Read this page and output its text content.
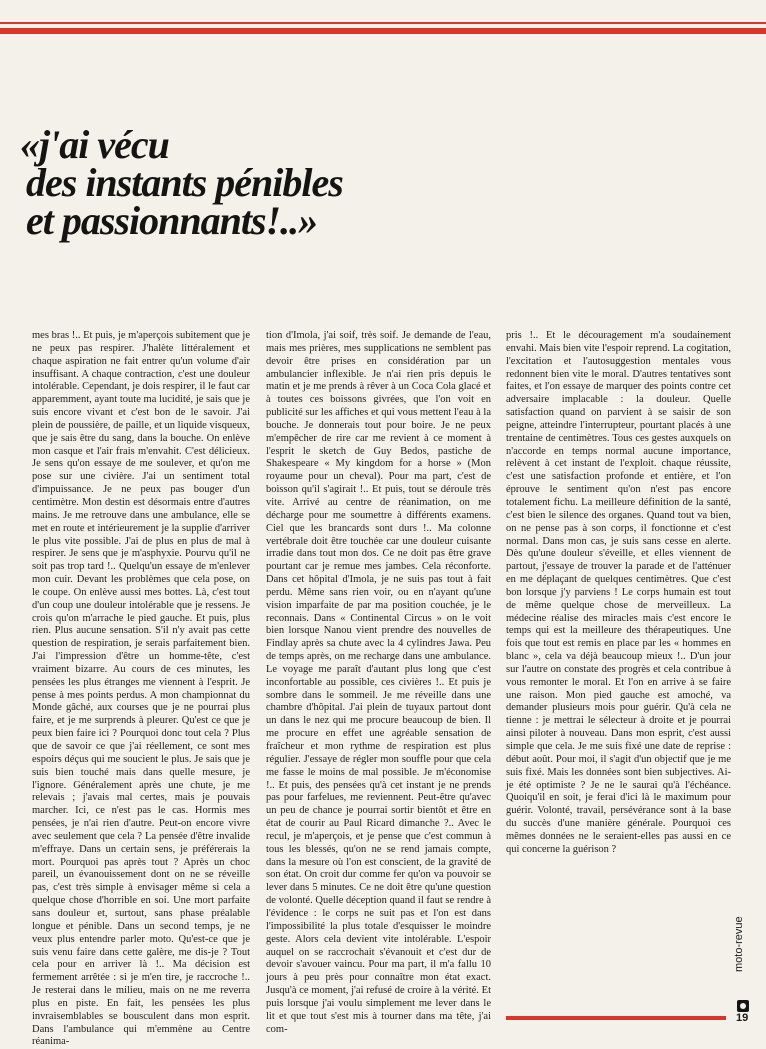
«j'ai vécu
des instants pénibles
et passionnants!..»

mes bras !.. Et puis, je m'aperçois subitement que je ne peux pas respirer. J'halète littéralement et chaque aspiration ne fait entrer qu'un volume d'air insuffisant. A chaque contraction, c'est une douleur intolérable. Cependant, je dois respirer, il le faut car apparemment, ayant toute ma lucidité, je sais que je suis encore vivant et c'est bon de le savoir. J'ai plein de poussière, de paille, et un liquide visqueux, que je sais être du sang, dans la bouche. On enlève mon casque et l'air frais m'envahit. C'est délicieux. Je sens qu'on essaye de me soulever, et qu'on me pose sur une civière. J'ai un sentiment total d'impuissance. Je ne peux pas bouger d'un centimètre. Mon destin est désormais entre d'autres mains. Je me retrouve dans une ambulance, elle se met en route et intérieurement je la supplie d'arriver le plus vite possible. J'ai de plus en plus de mal à respirer. Je sens que je m'asphyxie. Pourvu qu'il ne soit pas trop tard !.. Quelqu'un essaye de m'enlever mon cuir. Devant les problèmes que cela pose, on le coupe. On enlève aussi mes bottes. Là, c'est tout d'un coup une douleur intolérable que je ressens. Je crois qu'on m'arrache le pied gauche. Et puis, plus rien. Plus aucune sensation. S'il n'y avait pas cette question de respiration, je serais parfaitement bien. J'ai l'impression d'être un homme-tête, c'est vraiment bizarre. Au cours de ces minutes, les pensées les plus étranges me viennent à l'esprit. Je pense à mes points perdus. A mon championnat du Monde gâché, aux courses que je ne pourrai plus faire, et je me surprends à pleurer. Qu'est ce que je peux bien faire ici ? Pourquoi donc tout cela ? Plus que de savoir ce que j'ai réellement, ce sont mes espoirs déçus qui me soucient le plus. Je sais que je suis bien touché mais dans quelle mesure, je l'ignore. Généralement après une chute, je me relevais ; j'avais mal certes, mais je pouvais marcher. Ici, ce n'est pas le cas. Hormis mes pensées, je n'ai rien d'autre. Peut-on encore vivre avec seulement que cela ? La pensée d'être invalide m'effraye. Dans un certain sens, je préférerais la mort. Pourquoi pas après tout ? Après un choc pareil, un évanouissement dont on ne se réveille pas, c'est très simple à envisager même si cela a quelque chose d'horrible en soi. Une mort parfaite sans douleur et, surtout, sans phase préalable longue et pénible. Dans un second temps, je ne veux plus entendre parler moto. Qu'est-ce que je suis venu faire dans cette galère, me dis-je ? Tout cela pour en arriver là !.. Ma décision est fermement arrêtée : si je m'en tire, je raccroche !.. Je resterai dans le milieu, mais on ne me reverra plus en piste. En fait, les pensées les plus invraisemblables se bousculent dans mon esprit. Dans l'ambulance qui m'emmène au Centre réanima-

tion d'Imola, j'ai soif, très soif. Je demande de l'eau, mais mes prières, mes supplications ne semblent pas devoir être prises en considération par un ambulancier inflexible. Je n'ai rien pris depuis le matin et je me prends à rêver à un Coca Cola glacé et à toutes ces boissons givrées, que l'on voit en publicité sur les affiches et qui vous mettent l'eau à la bouche. Je donnerais tout pour boire. Je ne peux m'empêcher de rire car me revient à ce moment à l'esprit le sketch de Guy Bedos, pastiche de Shakespeare « My kingdom for a horse » (Mon royaume pour un cheval). Pour ma part, c'est de boisson qu'il s'agirait !.. Et puis, tout se déroule très vite. Arrivé au centre de réanimation, on me décharge pour me soumettre à différents examens. Ciel que les brancards sont durs !.. Ma colonne vertébrale doit être touchée car une douleur cuisante irradie dans tout mon dos. Ce ne doit pas être grave pourtant car je remue mes jambes. Cela réconforte. Dans cet hôpital d'Imola, je ne suis pas tout à fait perdu. Même sans rien voir, ou en n'ayant qu'une vision imparfaite de par ma position couchée, je le reconnais. Dans « Continental Circus » on le voit bien lorsque Nanou vient prendre des nouvelles de Findlay après sa chute avec la 4 cylindres Jawa. Peu de temps après, on me recharge dans une ambulance. Le voyage me paraît d'autant plus long que c'est inconfortable au possible, ces civières !.. Et puis je sombre dans le sommeil. Je me réveille dans une chambre d'hôpital. J'ai plein de tuyaux partout dont un dans le nez qui me procure beaucoup de bien. Il me procure en effet une agréable sensation de fraîcheur et mon rythme de respiration est plus régulier. J'essaye de régler mon souffle pour que cela me fasse le moins de mal possible. Je m'économise !.. Et puis, des pensées qu'à cet instant je ne prends pas pour farfelues, me reviennent. Peut-être qu'avec un peu de chance je pourrai sortir bientôt et être en état de courir au Paul Ricard dimanche ?.. Avec le recul, je m'aperçois, et je pense que c'est commun à tous les blessés, qu'on ne se rend jamais compte, dans la mesure où l'on est conscient, de la gravité de son état. On croit dur comme fer qu'on va pouvoir se lever dans 5 minutes. Ce ne doit être qu'une question de volonté. Quelle déception quand il faut se rendre à l'évidence : le corps ne suit pas et l'on est dans l'impossibilité la plus totale d'esquisser le moindre geste. Alors cela devient vite intolérable. L'espoir auquel on se raccrochait s'évanouit et c'est dur de devoir s'avouer vaincu. Pour ma part, il m'a fallu 10 jours à peu près pour connaître mon état exact. Jusqu'à ce moment, j'ai refusé de croire à la vérité. Et puis lorsque j'ai voulu simplement me lever dans le lit et que tout s'est mis à tourner dans ma tête, j'ai com-

pris !.. Et le découragement m'a soudainement envahi. Mais bien vite l'espoir reprend. La cogitation, l'excitation et l'autosuggestion mentales vous redonnent bien vite le moral. D'autres tentatives sont faites, et l'on essaye de marquer des points contre cet adversaire implacable : la douleur. Quelle satisfaction quand on parvient à se saisir de son peigne, atteindre l'interrupteur, pourtant placés à une trentaine de centimètres. Tous ces gestes auxquels on n'accorde en temps normal aucune importance, relèvent à cet instant de l'exploit. chaque réussite, c'est une satisfaction profonde et entière, et l'on éprouve le sentiment qu'on n'est pas encore totalement fichu. La meilleure définition de la santé, c'est bien le silence des organes. Quand tout va bien, on ne pense pas à son corps, il fonctionne et c'est normal. Dans mon cas, je suis sans cesse en alerte. Dès qu'une douleur s'éveille, et elles viennent de partout, j'essaye de trouver la parade et de l'atténuer en me déplaçant de quelques centimètres. Que c'est bon lorsque j'y parviens ! Le corps humain est tout de même quelque chose de merveilleux. La médecine réalise des miracles mais c'est encore le temps qui est la meilleure des thérapeutiques. Une fois que tout est remis en place par les « hommes en blanc », cela va déjà beaucoup mieux !.. D'un jour sur l'autre on constate des progrès et cela contribue à vous remonter le moral. Et l'on en arrive à se faire une raison. Mon pied gauche est amoché, va demander plusieurs mois pour guérir. Qu'à cela ne tienne : je mettrai le sélecteur à droite et je pourrai ainsi piloter à nouveau. Dans mon esprit, c'est aussi simple que cela. Je me suis fixé une date de reprise : début août. Pour moi, il s'agit d'un objectif que je me suis fixé. Mais les données sont bien subjectives. Ai-je été optimiste ? Je ne le saurai qu'à l'échéance. Quoiqu'il en soit, je ferai d'ici là le maximum pour guérir. Volonté, travail, persévérance sont à la base du succès d'une manière générale. Pourquoi ces mêmes données ne le seraient-elles pas aussi en ce qui concerne la guérison ?

moto-revue
19
